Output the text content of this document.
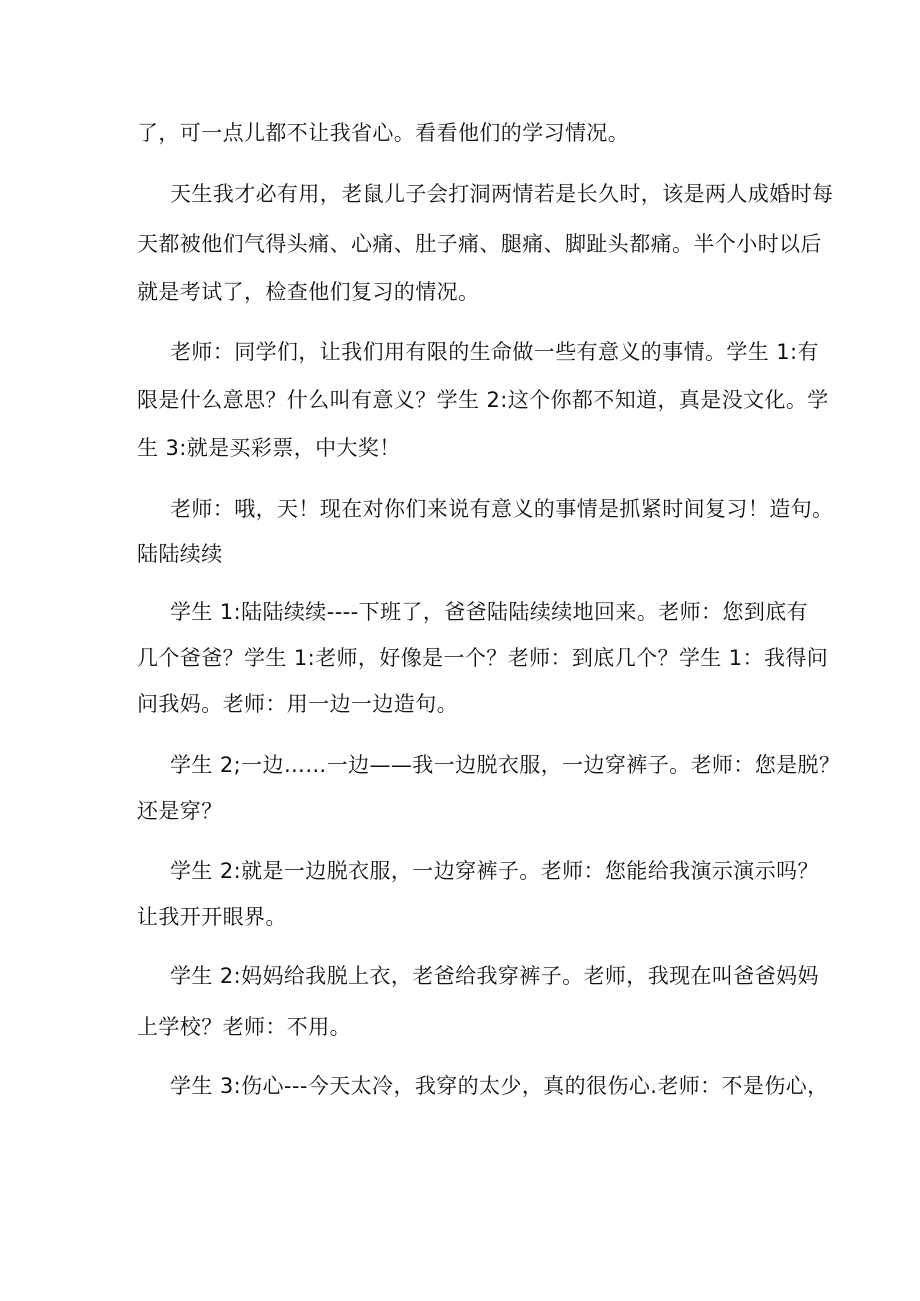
了，可一点儿都不让我省心。看看他们的学习情况。
天生我才必有用，老鼠儿子会打洞两情若是长久时，该是两人成婚时每
天都被他们气得头痛、心痛、肚子痛、腿痛、脚趾头都痛。半个小时以后
就是考试了，检查他们复习的情况。
老师：同学们，让我们用有限的生命做一些有意义的事情。学生 1:有
限是什么意思？什么叫有意义？学生 2:这个你都不知道，真是没文化。学
生 3:就是买彩票，中大奖！
老师：哦，天！现在对你们来说有意义的事情是抓紧时间复习！造句。
陆陆续续
学生 1:陆陆续续----下班了，爸爸陆陆续续地回来。老师：您到底有
几个爸爸？学生 1:老师，好像是一个？老师：到底几个？学生 1：我得问
问我妈。老师：用一边一边造句。
学生 2;一边……一边——我一边脱衣服，一边穿裤子。老师：您是脱？
还是穿？
学生 2:就是一边脱衣服，一边穿裤子。老师：您能给我演示演示吗？
让我开开眼界。
学生 2:妈妈给我脱上衣，老爸给我穿裤子。老师，我现在叫爸爸妈妈
上学校？老师：不用。
学生 3:伤心---今天太冷，我穿的太少，真的很伤心.老师：不是伤心，
